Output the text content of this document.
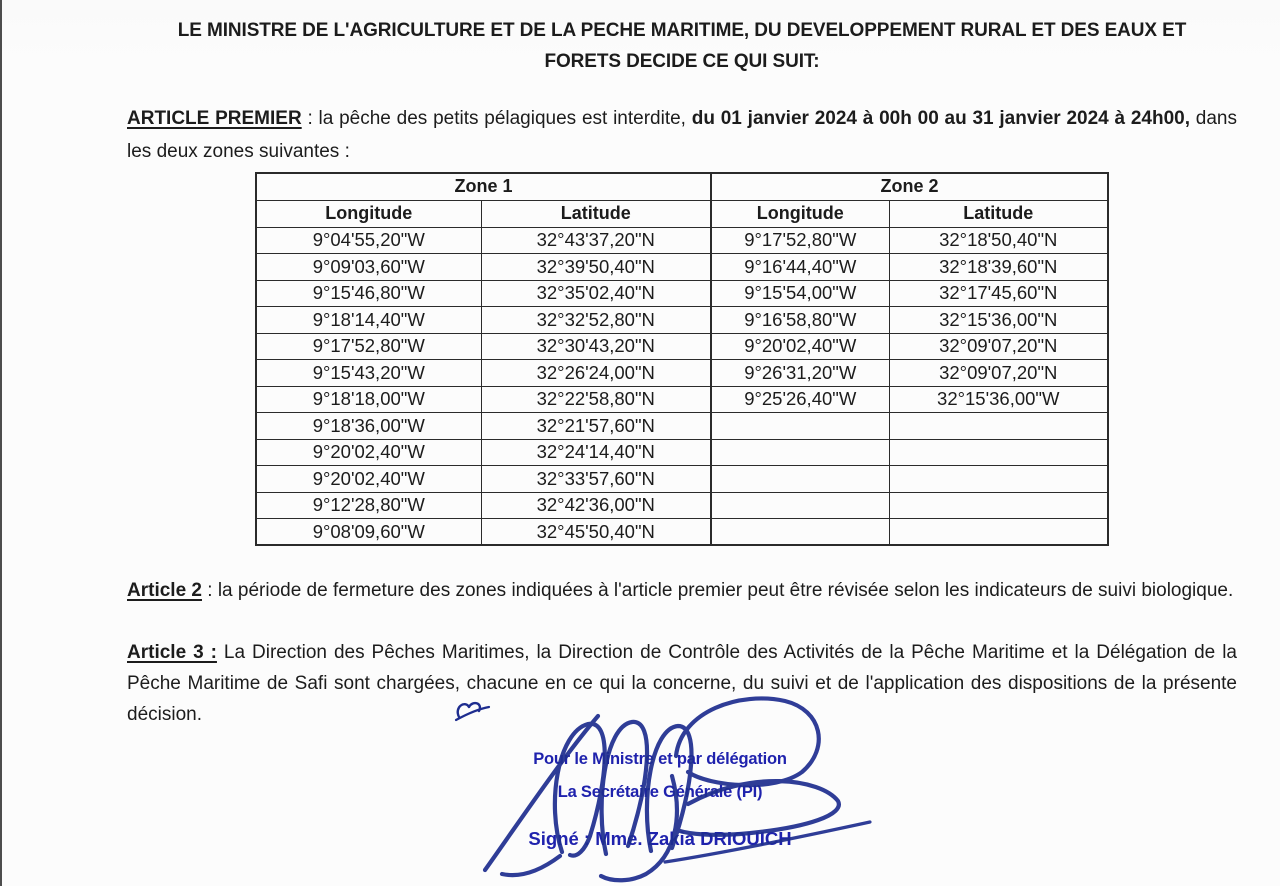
LE MINISTRE DE L'AGRICULTURE ET DE LA PECHE MARITIME, DU DEVELOPPEMENT RURAL ET DES EAUX ET
FORETS DECIDE CE QUI SUIT:

ARTICLE PREMIER : la pêche des petits pélagiques est interdite, du 01 janvier 2024 à 00h 00 au 31 janvier 2024 à 24h00, dans les deux zones suivantes :

Zone 1		Zone 2	
Longitude	Latitude	Longitude	Latitude
9°04'55,20"W	32°43'37,20"N	9°17'52,80"W	32°18'50,40"N
9°09'03,60"W	32°39'50,40"N	9°16'44,40"W	32°18'39,60"N
9°15'46,80"W	32°35'02,40"N	9°15'54,00"W	32°17'45,60"N
9°18'14,40"W	32°32'52,80"N	9°16'58,80"W	32°15'36,00"N
9°17'52,80"W	32°30'43,20"N	9°20'02,40"W	32°09'07,20"N
9°15'43,20"W	32°26'24,00"N	9°26'31,20"W	32°09'07,20"N
9°18'18,00"W	32°22'58,80"N	9°25'26,40"W	32°15'36,00"W
9°18'36,00"W	32°21'57,60"N		
9°20'02,40"W	32°24'14,40"N		
9°20'02,40"W	32°33'57,60"N		
9°12'28,80"W	32°42'36,00"N		
9°08'09,60"W	32°45'50,40"N		

Article 2 : la période de fermeture des zones indiquées à l'article premier peut être révisée selon les indicateurs de suivi biologique.

Article 3 : La Direction des Pêches Maritimes, la Direction de Contrôle des Activités de la Pêche Maritime et la Délégation de la Pêche Maritime de Safi sont chargées, chacune en ce qui la concerne, du suivi et de l'application des dispositions de la présente décision.

Pour le Ministre et par délégation
La Secrétaire Générale (PI)
Signé : Mme. Zakia DRIOUICH
